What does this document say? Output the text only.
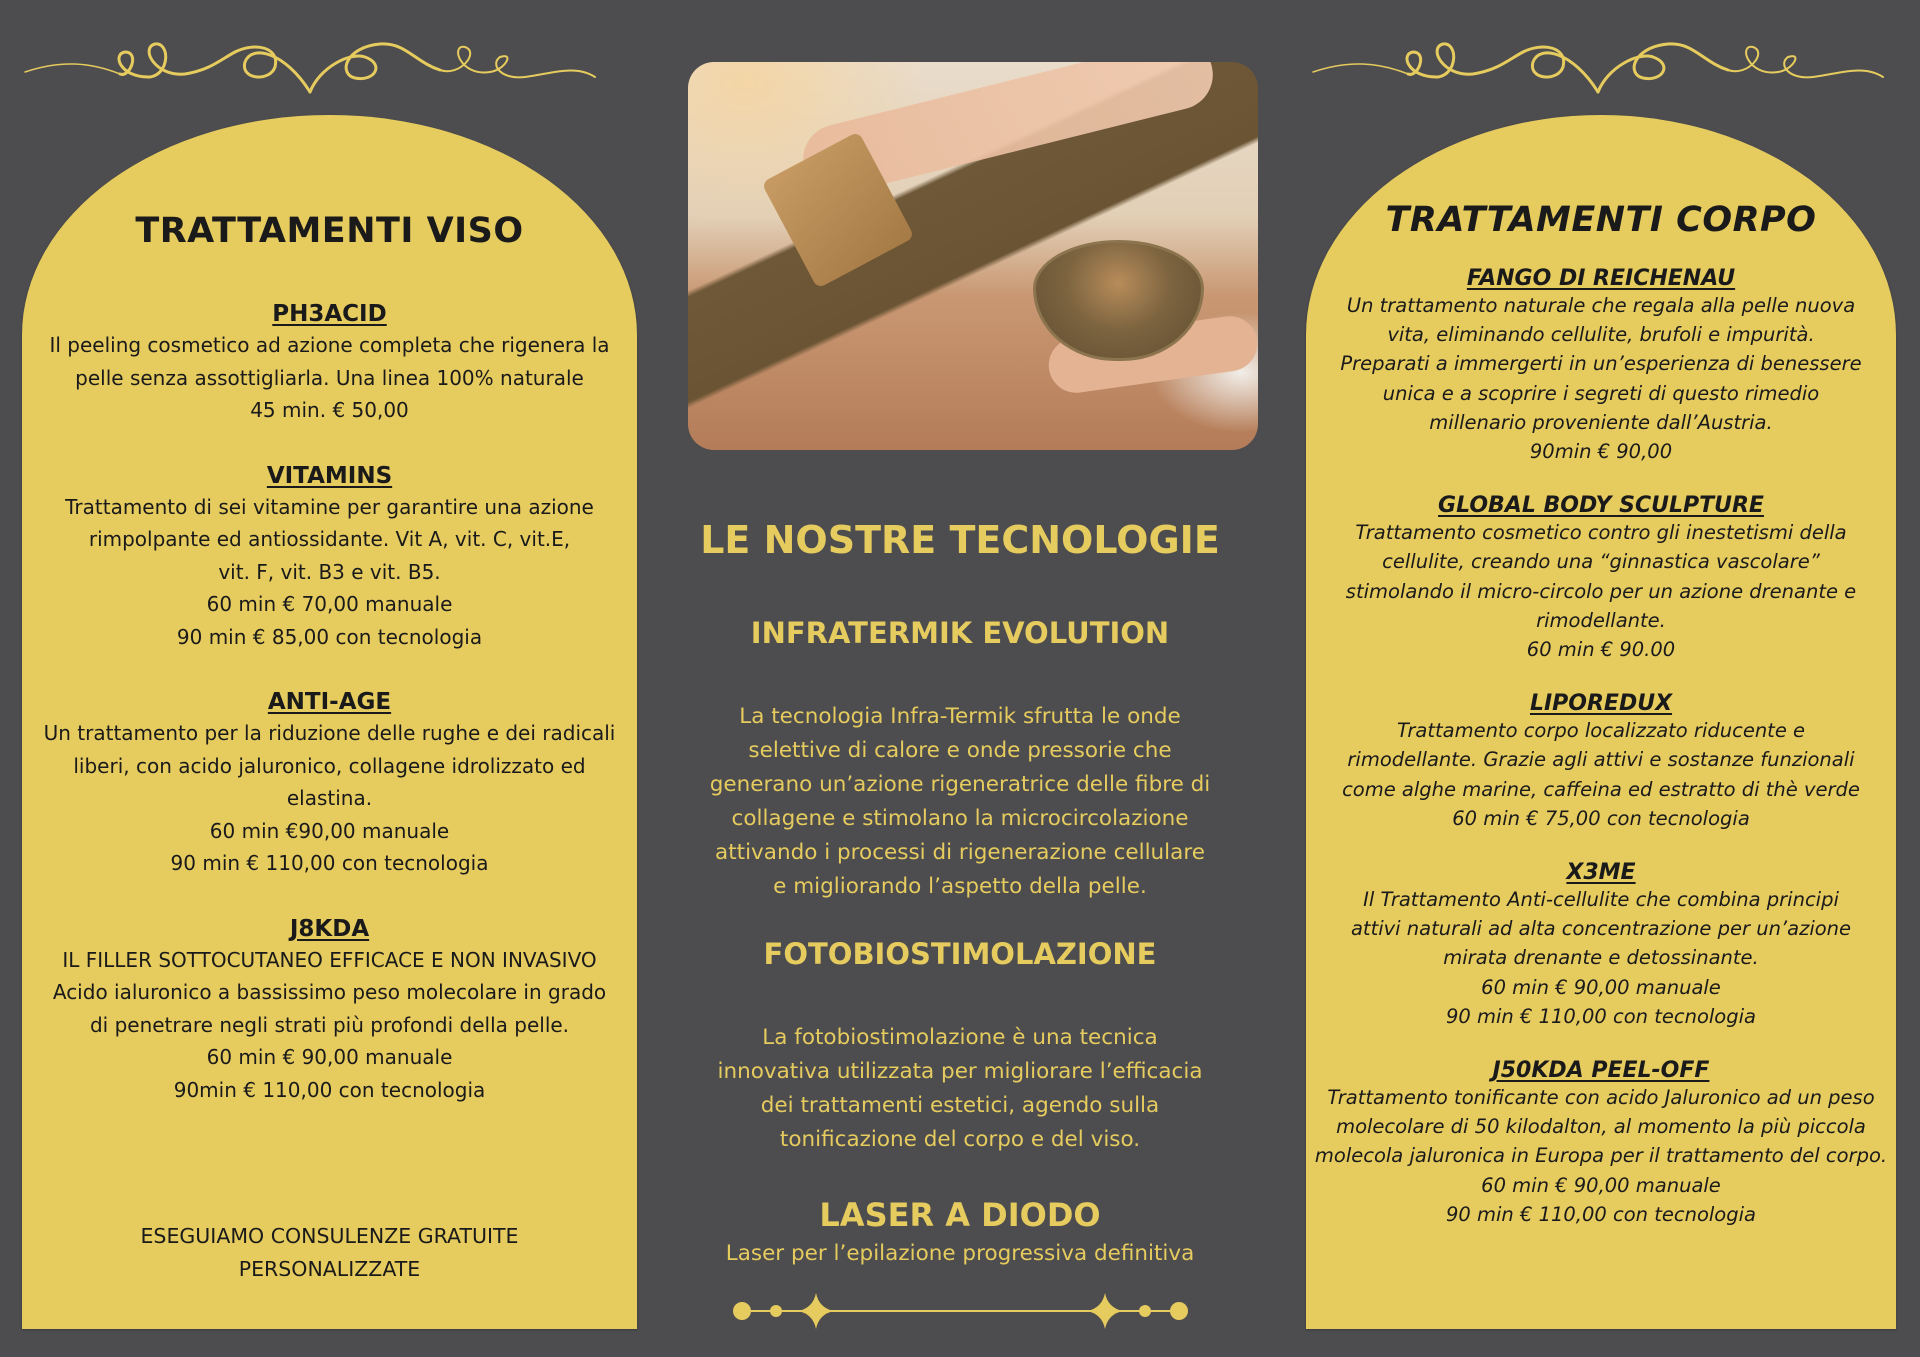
TRATTAMENTI VISO
PH3ACID
Il peeling cosmetico ad azione completa che rigenera la
pelle senza assottigliarla. Una linea 100% naturale
45 min. € 50,00
VITAMINS
Trattamento di sei vitamine per garantire una azione
rimpolpante ed antiossidante. Vit A, vit. C, vit.E,
vit. F, vit. B3 e vit. B5.
60 min € 70,00 manuale
90 min € 85,00 con tecnologia
ANTI-AGE
Un trattamento per la riduzione delle rughe e dei radicali
liberi, con acido jaluronico, collagene idrolizzato ed
elastina.
60 min €90,00 manuale
90 min € 110,00 con tecnologia
J8KDA
IL FILLER SOTTOCUTANEO EFFICACE E NON INVASIVO
Acido ialuronico a bassissimo peso molecolare in grado
di penetrare negli strati più profondi della pelle.
60 min € 90,00 manuale
90min € 110,00 con tecnologia
ESEGUIAMO CONSULENZE GRATUITE
PERSONALIZZATE
LE NOSTRE TECNOLOGIE
INFRATERMIK EVOLUTION
La tecnologia Infra-Termik sfrutta le onde
selettive di calore e onde pressorie che
generano un’azione rigeneratrice delle fibre di
collagene e stimolano la microcircolazione
attivando i processi di rigenerazione cellulare
e migliorando l’aspetto della pelle.
FOTOBIOSTIMOLAZIONE
La fotobiostimolazione è una tecnica
innovativa utilizzata per migliorare l’efficacia
dei trattamenti estetici, agendo sulla
tonificazione del corpo e del viso.
LASER A DIODO
Laser per l’epilazione progressiva definitiva
TRATTAMENTI CORPO
FANGO DI REICHENAU
Un trattamento naturale che regala alla pelle nuova
vita, eliminando cellulite, brufoli e impurità.
Preparati a immergerti in un’esperienza di benessere
unica e a scoprire i segreti di questo rimedio
millenario proveniente dall’Austria.
90min € 90,00
GLOBAL BODY SCULPTURE
Trattamento cosmetico contro gli inestetismi della
cellulite, creando una “ginnastica vascolare”
stimolando il micro-circolo per un azione drenante e
rimodellante.
60 min € 90.00
LIPOREDUX
Trattamento corpo localizzato riducente e
rimodellante. Grazie agli attivi e sostanze funzionali
come alghe marine, caffeina ed estratto di thè verde
60 min € 75,00 con tecnologia
X3ME
Il Trattamento Anti-cellulite che combina principi
attivi naturali ad alta concentrazione per un’azione
mirata drenante e detossinante.
60 min € 90,00 manuale
90 min € 110,00 con tecnologia
J50KDA PEEL-OFF
Trattamento tonificante con acido Jaluronico ad un peso
molecolare di 50 kilodalton, al momento la più piccola
molecola jaluronica in Europa per il trattamento del corpo.
60 min € 90,00 manuale
90 min € 110,00 con tecnologia
